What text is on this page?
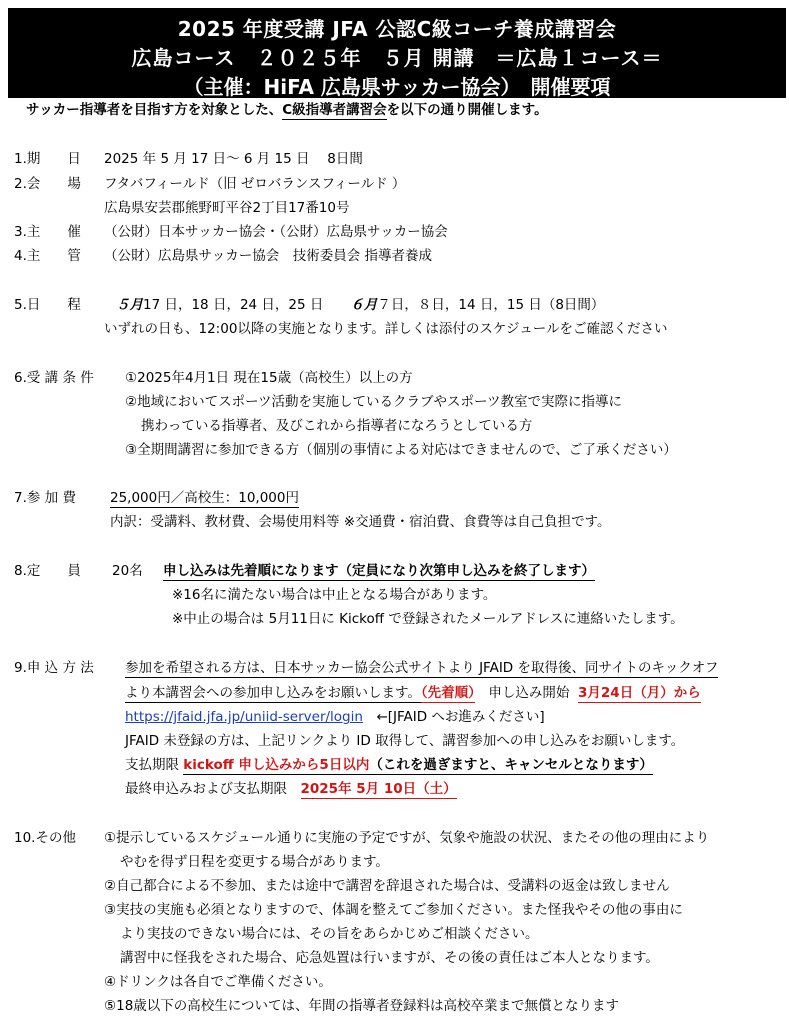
2025 年度受講 JFA 公認C級コーチ養成講習会
広島コース　２０２５年　５月 開講　＝広島１コース＝
（主催：HiFA 広島県サッカー協会）　開催要項
サッカー指導者を目指す方を対象とした、C級指導者講習会を以下の通り開催します。
1.期　　日 2025 年 5 月 17 日～ 6 月 15 日　 8日間
2.会　　場 フタバフィールド（旧 ゼロバランスフィールド ）
広島県安芸郡熊野町平谷2丁目17番10号
3.主　　催 （公財）日本サッカー協会・（公財）広島県サッカー協会
4.主　　管 （公財）広島県サッカー協会　技術委員会 指導者養成
5.日　　程	５月17 日，18 日，24 日，25 日　　 ６月７日，８日，14 日，15 日（8日間）
いずれの日も、12:00以降の実施となります。詳しくは添付のスケジュールをご確認ください
6.受 講 条 件 ①2025年4月1日 現在15歳（高校生）以上の方
②地域においてスポーツ活動を実施しているクラブやスポーツ教室で実際に指導に
携わっている指導者、及びこれから指導者になろうとしている方
③全期間講習に参加できる方（個別の事情による対応はできませんので、ご了承ください）
7.参 加 費	25,000円／高校生：10,000円
内訳：受講料、教材費、会場使用料等 ※交通費・宿泊費、食費等は自己負担です。
8.定　　員 20名 申し込みは先着順になります（定員になり次第申し込みを終了します）
※16名に満たない場合は中止となる場合があります。
※中止の場合は 5月11日に Kickoff で登録されたメールアドレスに連絡いたします。
9.申 込 方 法 参加を希望される方は、日本サッカー協会公式サイトより JFAID を取得後、同サイトのキックオフ
より本講習会への参加申し込みをお願いします。（先着順）　 申し込み開始 3月24日（月）から
https://jfaid.jfa.jp/uniid-server/login　 ←[JFAID へお進みください]
JFAID 未登録の方は、上記リンクより ID 取得して、講習参加への申し込みをお願いします。
支払期限 kickoff 申し込みから5日以内（これを過ぎますと、キャンセルとなります）
最終申込みおよび支払期限　 2025年 5月 10日（土）
10.その他 ①提示しているスケジュール通りに実施の予定ですが、気象や施設の状況、またその他の理由により
やむを得ず日程を変更する場合があります。
②自己都合による不参加、または途中で講習を辞退された場合は、受講料の返金は致しません
③実技の実施も必須となりますので、体調を整えてご参加ください。また怪我やその他の事由に
より実技のできない場合には、その旨をあらかじめご相談ください。
講習中に怪我をされた場合、応急処置は行いますが、その後の責任はご本人となります。
④ドリンクは各自でご準備ください。
⑤18歳以下の高校生については、年間の指導者登録料は高校卒業まで無償となります
